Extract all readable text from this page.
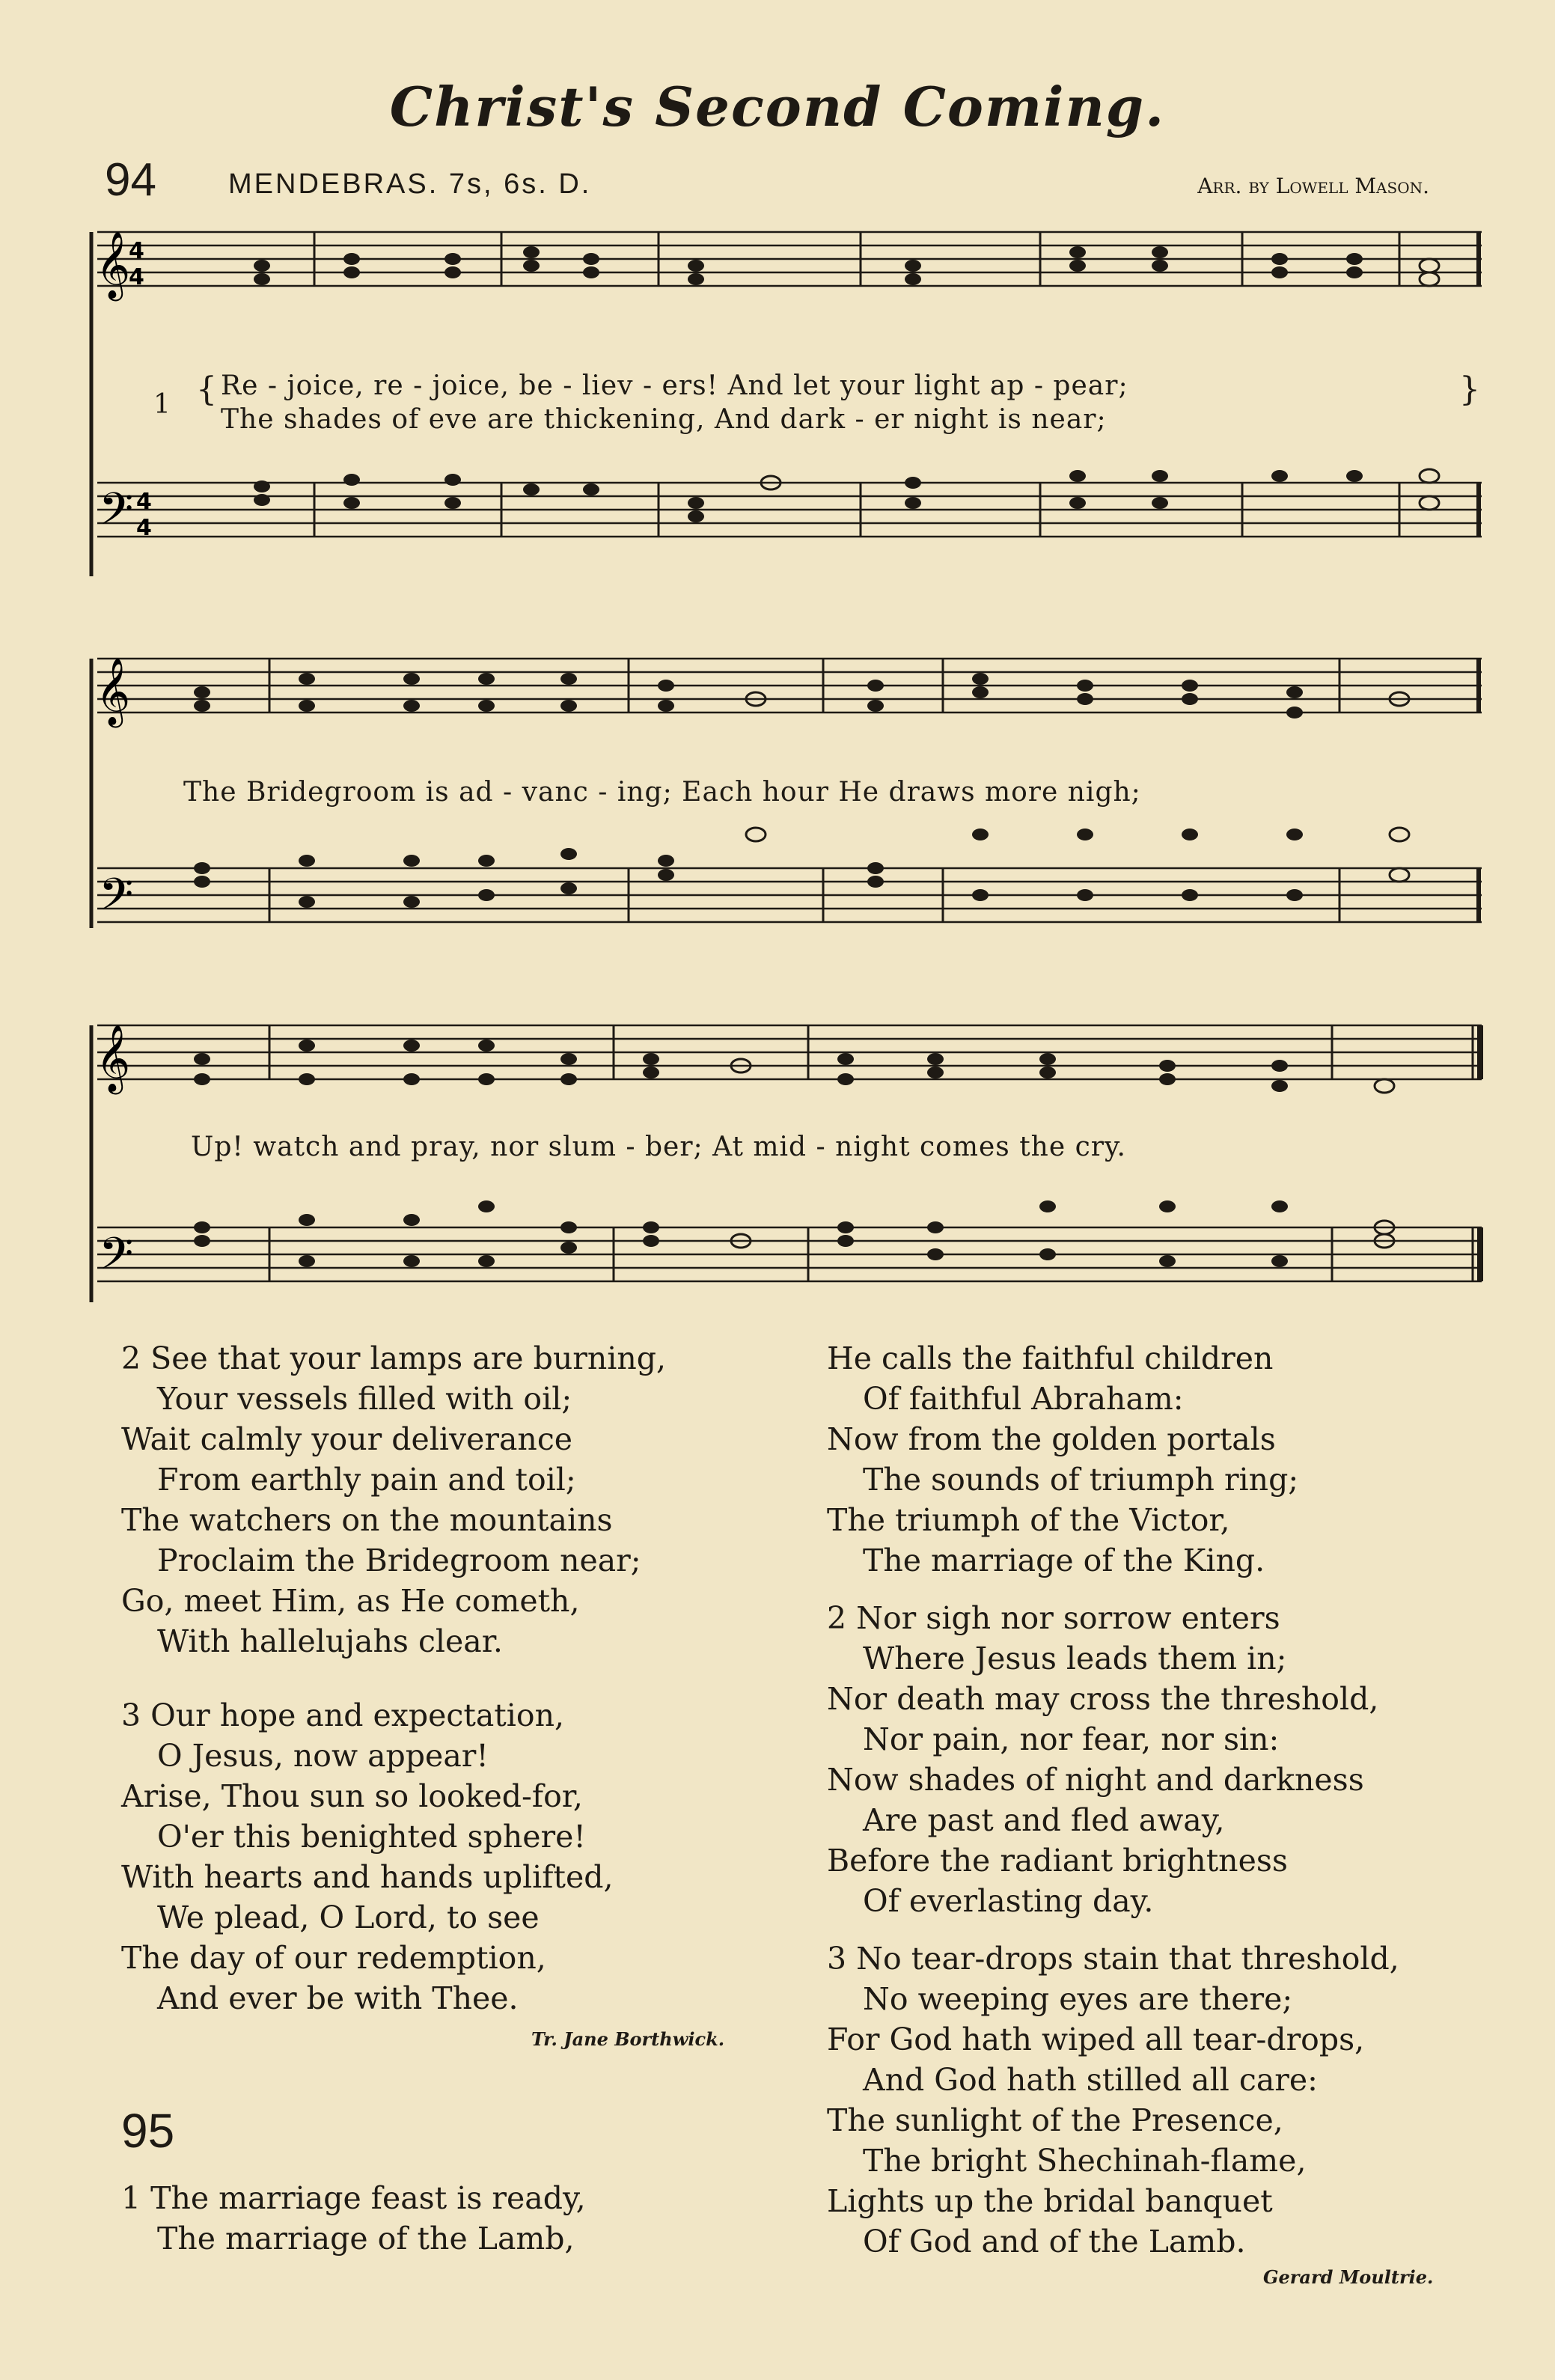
Christ's Second Coming.
94	MENDEBRAS. 7s, 6s. D.	Arr. by Lowell Mason.
𝄞
𝄢
4
4
4
4
1 {	}
Re - joice, re - joice, be - liev - ers! And let your light ap - pear;
The shades of eve are thickening, And dark - er night is near;
𝄞
𝄢
The Bridegroom is ad - vanc - ing; Each hour He draws more nigh;
𝄞
𝄢
Up! watch and pray, nor slum - ber; At mid - night comes the cry.
2 See that your lamps are burning,
Your vessels filled with oil;
Wait calmly your deliverance
From earthly pain and toil;
The watchers on the mountains
Proclaim the Bridegroom near;
Go, meet Him, as He cometh,
With hallelujahs clear.
3 Our hope and expectation,
O Jesus, now appear!
Arise, Thou sun so looked-for,
O'er this benighted sphere!
With hearts and hands uplifted,
We plead, O Lord, to see
The day of our redemption,
And ever be with Thee.
Tr. Jane Borthwick.
95
1 The marriage feast is ready,
The marriage of the Lamb,
He calls the faithful children
Of faithful Abraham:
Now from the golden portals
The sounds of triumph ring;
The triumph of the Victor,
The marriage of the King.
2 Nor sigh nor sorrow enters
Where Jesus leads them in;
Nor death may cross the threshold,
Nor pain, nor fear, nor sin:
Now shades of night and darkness
Are past and fled away,
Before the radiant brightness
Of everlasting day.
3 No tear-drops stain that threshold,
No weeping eyes are there;
For God hath wiped all tear-drops,
And God hath stilled all care:
The sunlight of the Presence,
The bright Shechinah-flame,
Lights up the bridal banquet
Of God and of the Lamb.
Gerard Moultrie.
